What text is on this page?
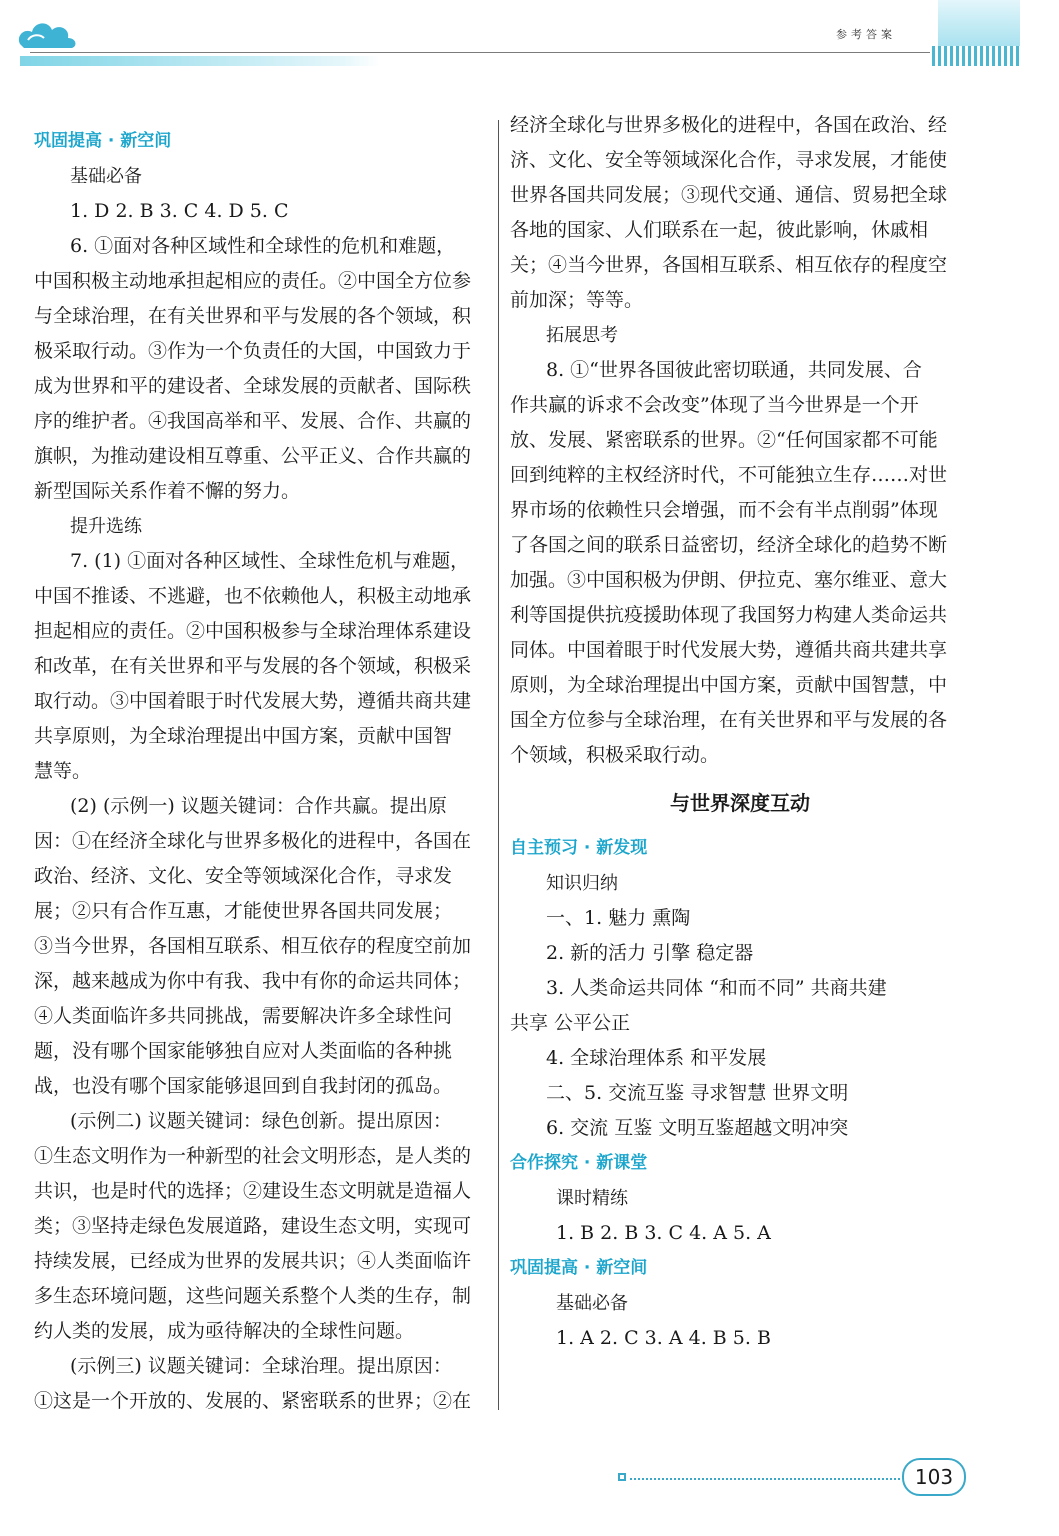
参考答案

巩固提高 · 新空间

基础必备

1. D 2. B 3. C 4. D 5. C

6. ①面对各种区域性和全球性的危机和难题，

中国积极主动地承担起相应的责任。②中国全方位参

与全球治理，在有关世界和平与发展的各个领域，积

极采取行动。③作为一个负责任的大国，中国致力于

成为世界和平的建设者、全球发展的贡献者、国际秩

序的维护者。④我国高举和平、发展、合作、共赢的

旗帜，为推动建设相互尊重、公平正义、合作共赢的

新型国际关系作着不懈的努力。

提升选练

7. (1) ①面对各种区域性、全球性危机与难题，

中国不推诿、不逃避，也不依赖他人，积极主动地承

担起相应的责任。②中国积极参与全球治理体系建设

和改革，在有关世界和平与发展的各个领域，积极采

取行动。③中国着眼于时代发展大势，遵循共商共建

共享原则，为全球治理提出中国方案，贡献中国智

慧等。

(2) (示例一) 议题关键词：合作共赢。提出原

因：①在经济全球化与世界多极化的进程中，各国在

政治、经济、文化、安全等领域深化合作，寻求发

展；②只有合作互惠，才能使世界各国共同发展；

③当今世界，各国相互联系、相互依存的程度空前加

深，越来越成为你中有我、我中有你的命运共同体；

④人类面临许多共同挑战，需要解决许多全球性问

题，没有哪个国家能够独自应对人类面临的各种挑

战，也没有哪个国家能够退回到自我封闭的孤岛。

(示例二) 议题关键词：绿色创新。提出原因：

①生态文明作为一种新型的社会文明形态，是人类的

共识，也是时代的选择；②建设生态文明就是造福人

类；③坚持走绿色发展道路，建设生态文明，实现可

持续发展，已经成为世界的发展共识；④人类面临许

多生态环境问题，这些问题关系整个人类的生存，制

约人类的发展，成为亟待解决的全球性问题。

(示例三) 议题关键词：全球治理。提出原因：

①这是一个开放的、发展的、紧密联系的世界；②在

经济全球化与世界多极化的进程中，各国在政治、经

济、文化、安全等领域深化合作，寻求发展，才能使

世界各国共同发展；③现代交通、通信、贸易把全球

各地的国家、人们联系在一起，彼此影响，休戚相

关；④当今世界，各国相互联系、相互依存的程度空

前加深；等等。

拓展思考

8. ①“世界各国彼此密切联通，共同发展、合

作共赢的诉求不会改变”体现了当今世界是一个开

放、发展、紧密联系的世界。②“任何国家都不可能

回到纯粹的主权经济时代，不可能独立生存……对世

界市场的依赖性只会增强，而不会有半点削弱”体现

了各国之间的联系日益密切，经济全球化的趋势不断

加强。③中国积极为伊朗、伊拉克、塞尔维亚、意大

利等国提供抗疫援助体现了我国努力构建人类命运共

同体。中国着眼于时代发展大势，遵循共商共建共享

原则，为全球治理提出中国方案，贡献中国智慧，中

国全方位参与全球治理，在有关世界和平与发展的各

个领域，积极采取行动。

与世界深度互动

自主预习 · 新发现

知识归纳

一、1. 魅力 熏陶

2. 新的活力 引擎 稳定器

3. 人类命运共同体 “和而不同” 共商共建

共享 公平公正

4. 全球治理体系 和平发展

二、5. 交流互鉴 寻求智慧 世界文明

6. 交流 互鉴 文明互鉴超越文明冲突

合作探究 · 新课堂

课时精练

1. B 2. B 3. C 4. A 5. A

巩固提高 · 新空间

基础必备

1. A 2. C 3. A 4. B 5. B

103
